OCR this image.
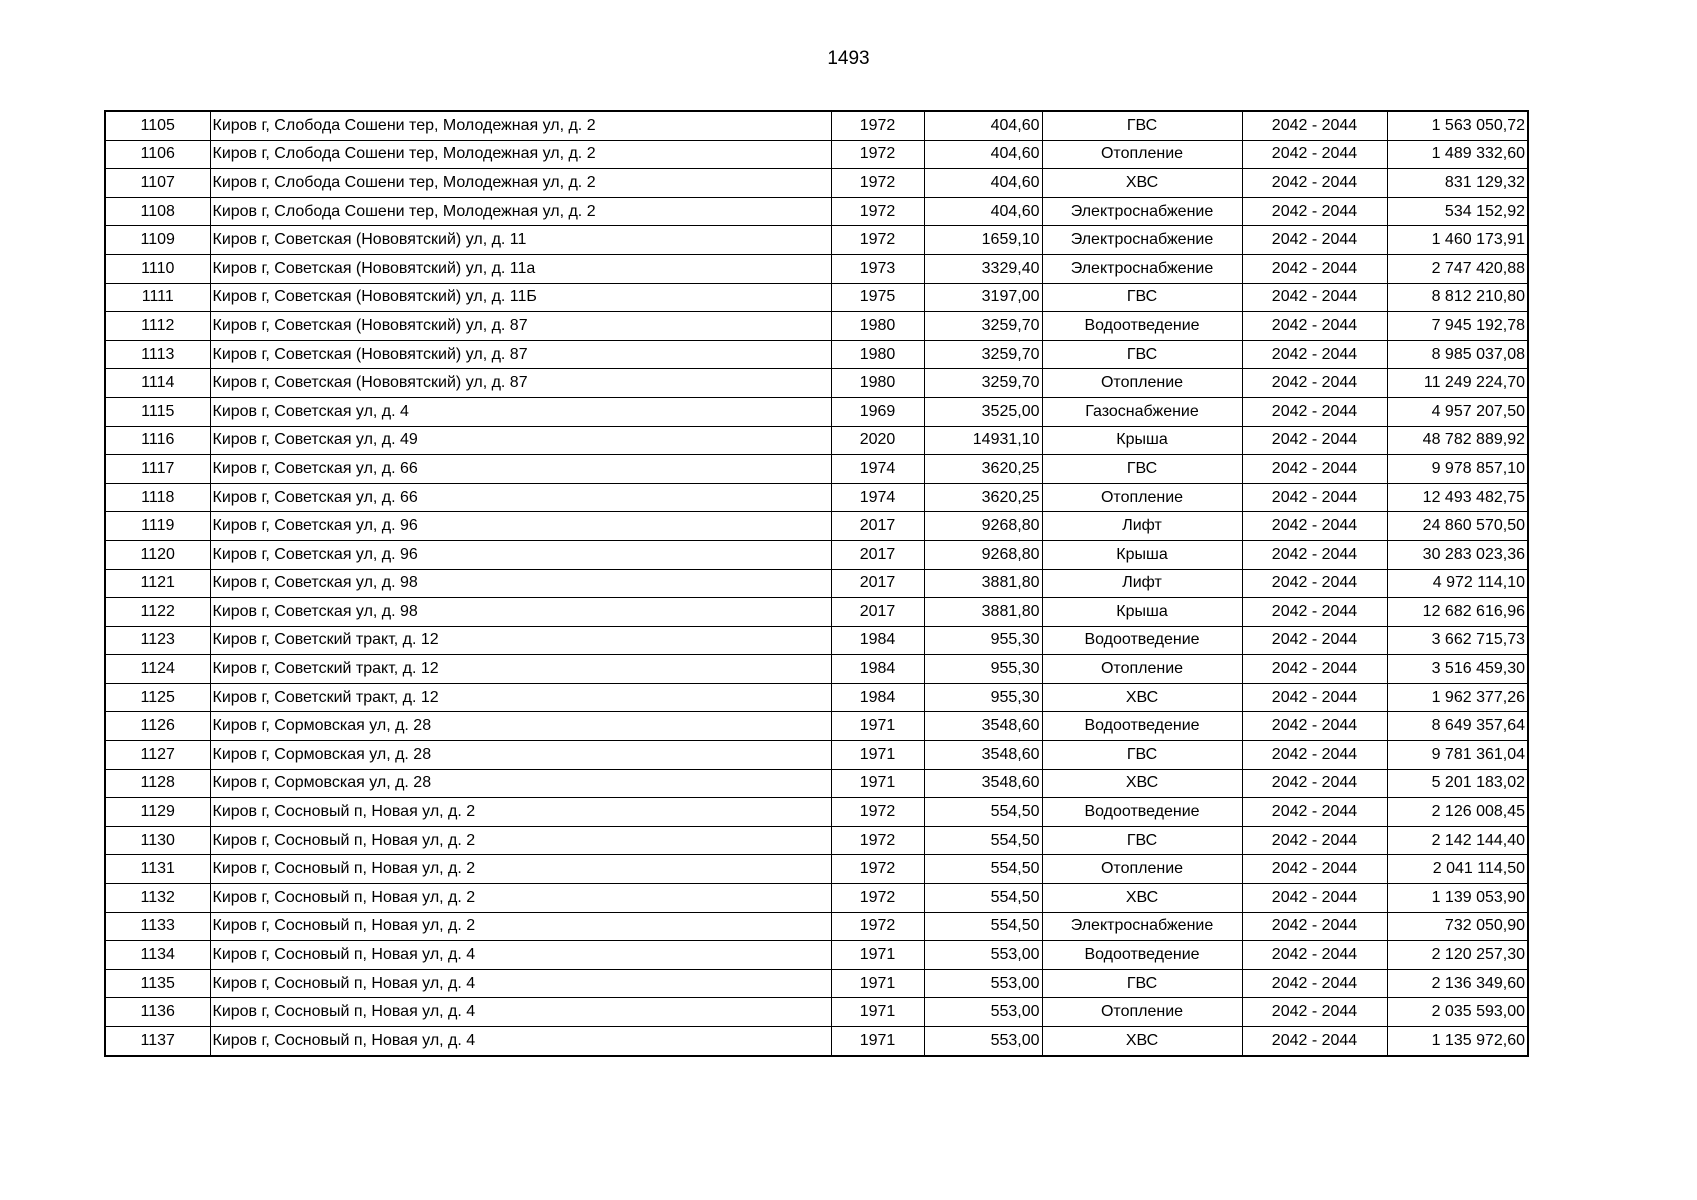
1493
1105	Киров г, Слобода Сошени тер, Молодежная ул, д. 2	1972	404,60	ГВС	2042 - 2044	1 563 050,72
1106	Киров г, Слобода Сошени тер, Молодежная ул, д. 2	1972	404,60	Отопление	2042 - 2044	1 489 332,60
1107	Киров г, Слобода Сошени тер, Молодежная ул, д. 2	1972	404,60	ХВС	2042 - 2044	831 129,32
1108	Киров г, Слобода Сошени тер, Молодежная ул, д. 2	1972	404,60	Электроснабжение	2042 - 2044	534 152,92
1109	Киров г, Советская (Нововятский) ул, д. 11	1972	1659,10	Электроснабжение	2042 - 2044	1 460 173,91
1110	Киров г, Советская (Нововятский) ул, д. 11а	1973	3329,40	Электроснабжение	2042 - 2044	2 747 420,88
1111	Киров г, Советская (Нововятский) ул, д. 11Б	1975	3197,00	ГВС	2042 - 2044	8 812 210,80
1112	Киров г, Советская (Нововятский) ул, д. 87	1980	3259,70	Водоотведение	2042 - 2044	7 945 192,78
1113	Киров г, Советская (Нововятский) ул, д. 87	1980	3259,70	ГВС	2042 - 2044	8 985 037,08
1114	Киров г, Советская (Нововятский) ул, д. 87	1980	3259,70	Отопление	2042 - 2044	11 249 224,70
1115	Киров г, Советская ул, д. 4	1969	3525,00	Газоснабжение	2042 - 2044	4 957 207,50
1116	Киров г, Советская ул, д. 49	2020	14931,10	Крыша	2042 - 2044	48 782 889,92
1117	Киров г, Советская ул, д. 66	1974	3620,25	ГВС	2042 - 2044	9 978 857,10
1118	Киров г, Советская ул, д. 66	1974	3620,25	Отопление	2042 - 2044	12 493 482,75
1119	Киров г, Советская ул, д. 96	2017	9268,80	Лифт	2042 - 2044	24 860 570,50
1120	Киров г, Советская ул, д. 96	2017	9268,80	Крыша	2042 - 2044	30 283 023,36
1121	Киров г, Советская ул, д. 98	2017	3881,80	Лифт	2042 - 2044	4 972 114,10
1122	Киров г, Советская ул, д. 98	2017	3881,80	Крыша	2042 - 2044	12 682 616,96
1123	Киров г, Советский тракт, д. 12	1984	955,30	Водоотведение	2042 - 2044	3 662 715,73
1124	Киров г, Советский тракт, д. 12	1984	955,30	Отопление	2042 - 2044	3 516 459,30
1125	Киров г, Советский тракт, д. 12	1984	955,30	ХВС	2042 - 2044	1 962 377,26
1126	Киров г, Сормовская ул, д. 28	1971	3548,60	Водоотведение	2042 - 2044	8 649 357,64
1127	Киров г, Сормовская ул, д. 28	1971	3548,60	ГВС	2042 - 2044	9 781 361,04
1128	Киров г, Сормовская ул, д. 28	1971	3548,60	ХВС	2042 - 2044	5 201 183,02
1129	Киров г, Сосновый п, Новая ул, д. 2	1972	554,50	Водоотведение	2042 - 2044	2 126 008,45
1130	Киров г, Сосновый п, Новая ул, д. 2	1972	554,50	ГВС	2042 - 2044	2 142 144,40
1131	Киров г, Сосновый п, Новая ул, д. 2	1972	554,50	Отопление	2042 - 2044	2 041 114,50
1132	Киров г, Сосновый п, Новая ул, д. 2	1972	554,50	ХВС	2042 - 2044	1 139 053,90
1133	Киров г, Сосновый п, Новая ул, д. 2	1972	554,50	Электроснабжение	2042 - 2044	732 050,90
1134	Киров г, Сосновый п, Новая ул, д. 4	1971	553,00	Водоотведение	2042 - 2044	2 120 257,30
1135	Киров г, Сосновый п, Новая ул, д. 4	1971	553,00	ГВС	2042 - 2044	2 136 349,60
1136	Киров г, Сосновый п, Новая ул, д. 4	1971	553,00	Отопление	2042 - 2044	2 035 593,00
1137	Киров г, Сосновый п, Новая ул, д. 4	1971	553,00	ХВС	2042 - 2044	1 135 972,60
